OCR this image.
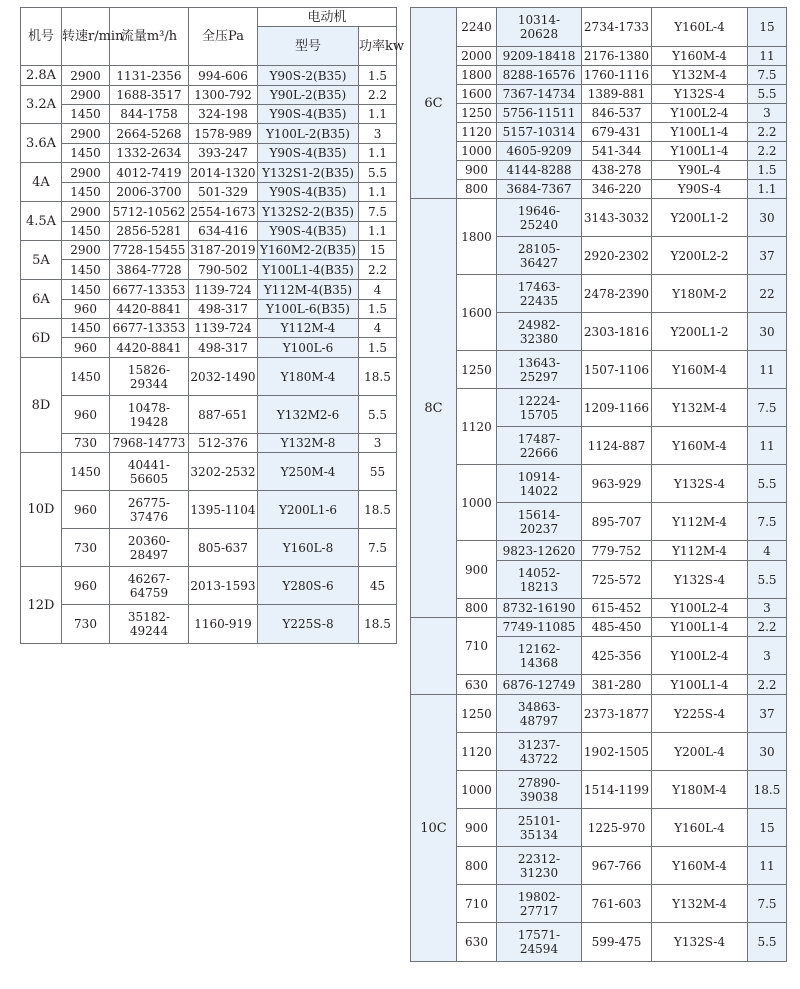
机号	转速r/min	流量m³/h	全压Pa	电动机	
				型号	功率kw
2.8A	2900	1131-2356	994-606	Y90S-2(B35)	1.5
3.2A	2900	1688-3517	1300-792	Y90L-2(B35)	2.2
	1450	844-1758	324-198	Y90S-4(B35)	1.1
3.6A	2900	2664-5268	1578-989	Y100L-2(B35)	3
	1450	1332-2634	393-247	Y90S-4(B35)	1.1
4A	2900	4012-7419	2014-1320	Y132S1-2(B35)	5.5
	1450	2006-3700	501-329	Y90S-4(B35)	1.1
4.5A	2900	5712-10562	2554-1673	Y132S2-2(B35)	7.5
	1450	2856-5281	634-416	Y90S-4(B35)	1.1
5A	2900	7728-15455	3187-2019	Y160M2-2(B35)	15
	1450	3864-7728	790-502	Y100L1-4(B35)	2.2
6A	1450	6677-13353	1139-724	Y112M-4(B35)	4
	960	4420-8841	498-317	Y100L-6(B35)	1.5
6D	1450	6677-13353	1139-724	Y112M-4	4
	960	4420-8841	498-317	Y100L-6	1.5
8D	1450	15826-
29344	2032-1490	Y180M-4	18.5
	960	10478-
19428	887-651	Y132M2-6	5.5
	730	7968-14773	512-376	Y132M-8	3
10D	1450	40441-
56605	3202-2532	Y250M-4	55
	960	26775-
37476	1395-1104	Y200L1-6	18.5
	730	20360-
28497	805-637	Y160L-8	7.5
12D	960	46267-
64759	2013-1593	Y280S-6	45
	730	35182-
49244	1160-919	Y225S-8	18.5
6C	2240	10314-
20628	2734-1733	Y160L-4	15
	2000	9209-18418	2176-1380	Y160M-4	11
	1800	8288-16576	1760-1116	Y132M-4	7.5
	1600	7367-14734	1389-881	Y132S-4	5.5
	1250	5756-11511	846-537	Y100L2-4	3
	1120	5157-10314	679-431	Y100L1-4	2.2
	1000	4605-9209	541-344	Y100L1-4	2.2
	900	4144-8288	438-278	Y90L-4	1.5
	800	3684-7367	346-220	Y90S-4	1.1
8C	1800	19646-
25240	3143-3032	Y200L1-2	30

		28105-
36427	2920-2302	Y200L2-2	37
	1600	17463-
22435	2478-2390	Y180M-2	22

		24982-
32380	2303-1816	Y200L1-2	30
	1250	13643-
25297	1507-1106	Y160M-4	11
	1120	12224-
15705	1209-1166	Y132M-4	7.5

		17487-
22666	1124-887	Y160M-4	11
	1000	10914-
14022	963-929	Y132S-4	5.5

		15614-
20237	895-707	Y112M-4	7.5
	900	9823-12620	779-752	Y112M-4	4

		14052-
18213	725-572	Y132S-4	5.5
	800	8732-16190	615-452	Y100L2-4	3
	710	7749-11085	485-450	Y100L1-4	2.2

		12162-
14368	425-356	Y100L2-4	3
	630	6876-12749	381-280	Y100L1-4	2.2
10C	1250	34863-
48797	2373-1877	Y225S-4	37
	1120	31237-
43722	1902-1505	Y200L-4	30
	1000	27890-
39038	1514-1199	Y180M-4	18.5
	900	25101-
35134	1225-970	Y160L-4	15
	800	22312-
31230	967-766	Y160M-4	11
	710	19802-
27717	761-603	Y132M-4	7.5
	630	17571-
24594	599-475	Y132S-4	5.5
